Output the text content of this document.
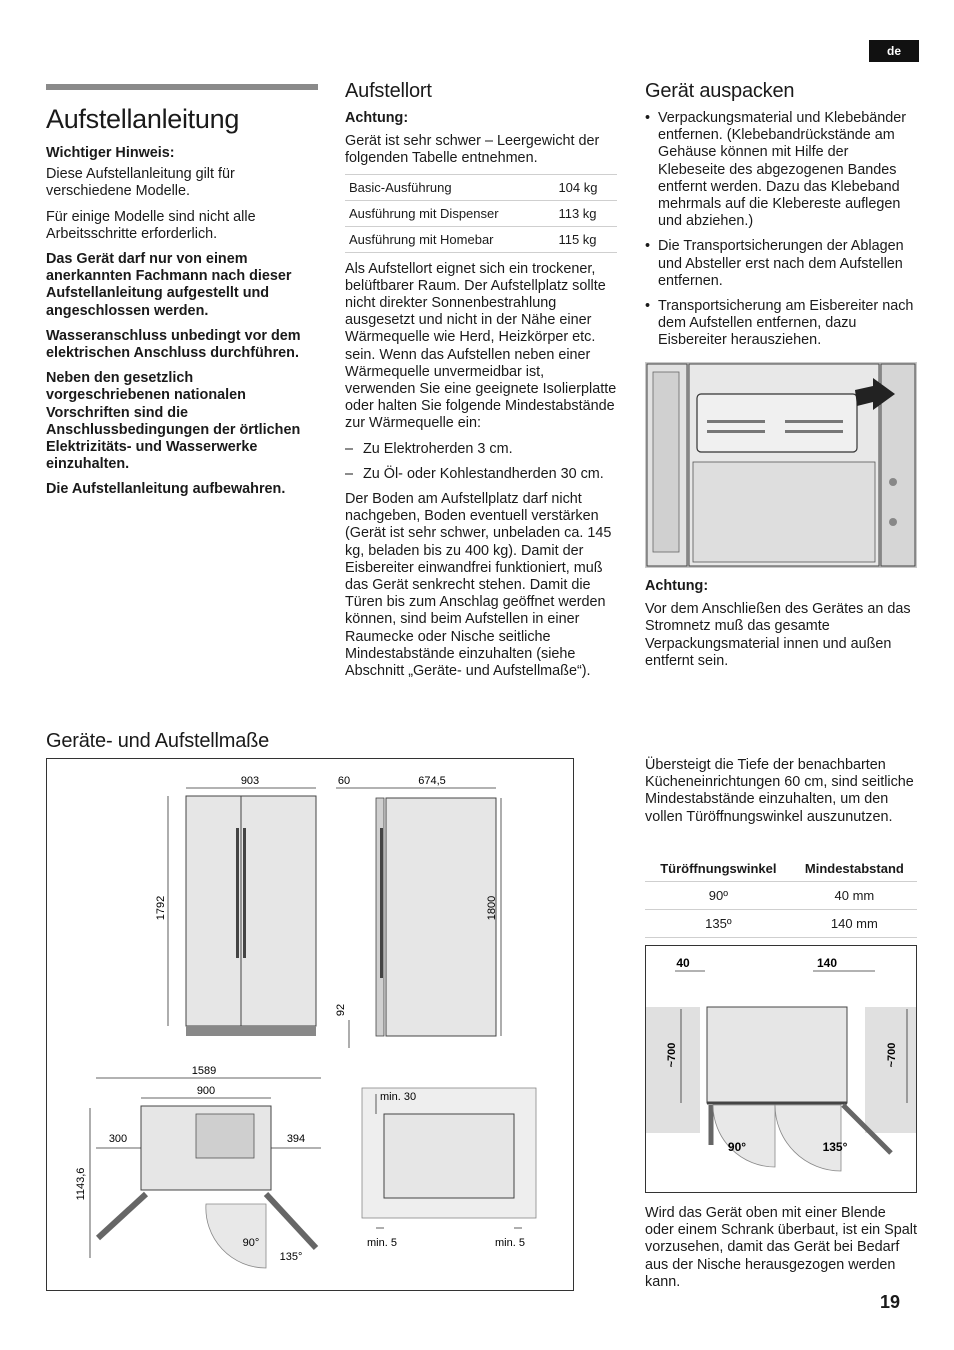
de
Aufstellanleitung

Wichtiger Hinweis:

Diese Aufstellanleitung gilt für verschiedene Modelle.

Für einige Modelle sind nicht alle Arbeitsschritte erforderlich.

Das Gerät darf nur von einem anerkannten Fachmann nach dieser Aufstellanleitung aufgestellt und angeschlossen werden.

Wasseranschluss unbedingt vor dem elektrischen Anschluss durchführen.

Neben den gesetzlich vorgeschriebenen nationalen Vorschriften sind die Anschlussbedingungen der örtlichen Elektrizitäts- und Wasserwerke einzuhalten.

Die Aufstellanleitung aufbewahren.

Aufstellort

Achtung:

Gerät ist sehr schwer – Leergewicht der folgenden Tabelle entnehmen.

Basic-Ausführung	104 kg
Ausführung mit Dispenser	113 kg
Ausführung mit Homebar	115 kg

Als Aufstellort eignet sich ein trockener, belüftbarer Raum. Der Aufstellplatz sollte nicht direkter Sonnenbestrahlung ausgesetzt und nicht in der Nähe einer Wärmequelle wie Herd, Heizkörper etc. sein. Wenn das Aufstellen neben einer Wärmequelle unvermeidbar ist, verwenden Sie eine geeignete Isolierplatte oder halten Sie folgende Mindestabstände zur Wärmequelle ein:

– Zu Elektroherden 3 cm.
– Zu Öl- oder Kohlestandherden 30 cm.

Der Boden am Aufstellplatz darf nicht nachgeben, Boden eventuell verstärken (Gerät ist sehr schwer, unbeladen ca. 145 kg, beladen bis zu 400 kg). Damit der Eisbereiter einwandfrei funktioniert, muß das Gerät senkrecht stehen. Damit die Türen bis zum Anschlag geöffnet werden können, sind beim Aufstellen in einer Raumecke oder Nische seitliche Mindestabstände einzuhalten (siehe Abschnitt „Geräte- und Aufstellmaße“).

Gerät auspacken
• Verpackungsmaterial und Klebebänder entfernen. (Klebebandrückstände am Gehäuse können mit Hilfe der Klebeseite des abgezogenen Bandes entfernt werden. Dazu das Klebeband mehrmals auf die Klebereste auflegen und abziehen.)
• Die Transportsicherungen der Ablagen und Absteller erst nach dem Aufstellen entfernen.
• Transportsicherung am Eisbereiter nach dem Aufstellen entfernen, dazu Eisbereiter herausziehen.

Achtung:

Vor dem Anschließen des Gerätes an das Stromnetz muß das gesamte Verpackungsmaterial innen und außen entfernt sein.

Geräte- und Aufstellmaße
903	60	674,5
1792	1800
92
1589
900
300	394
1143,6
90°
135°
min. 30
min. 5	min. 5

Übersteigt die Tiefe der benachbarten Kücheneinrichtungen 60 cm, sind seitliche Mindestabstände einzuhalten, um den vollen Türöffnungswinkel auszunutzen.

Türöffnungswinkel	Mindestabstand
90º	40 mm
135º	140 mm
40	140
~700	~700
90°	135°

Wird das Gerät oben mit einer Blende oder einem Schrank überbaut, ist ein Spalt vorzusehen, damit das Gerät bei Bedarf aus der Nische herausgezogen werden kann.

19
